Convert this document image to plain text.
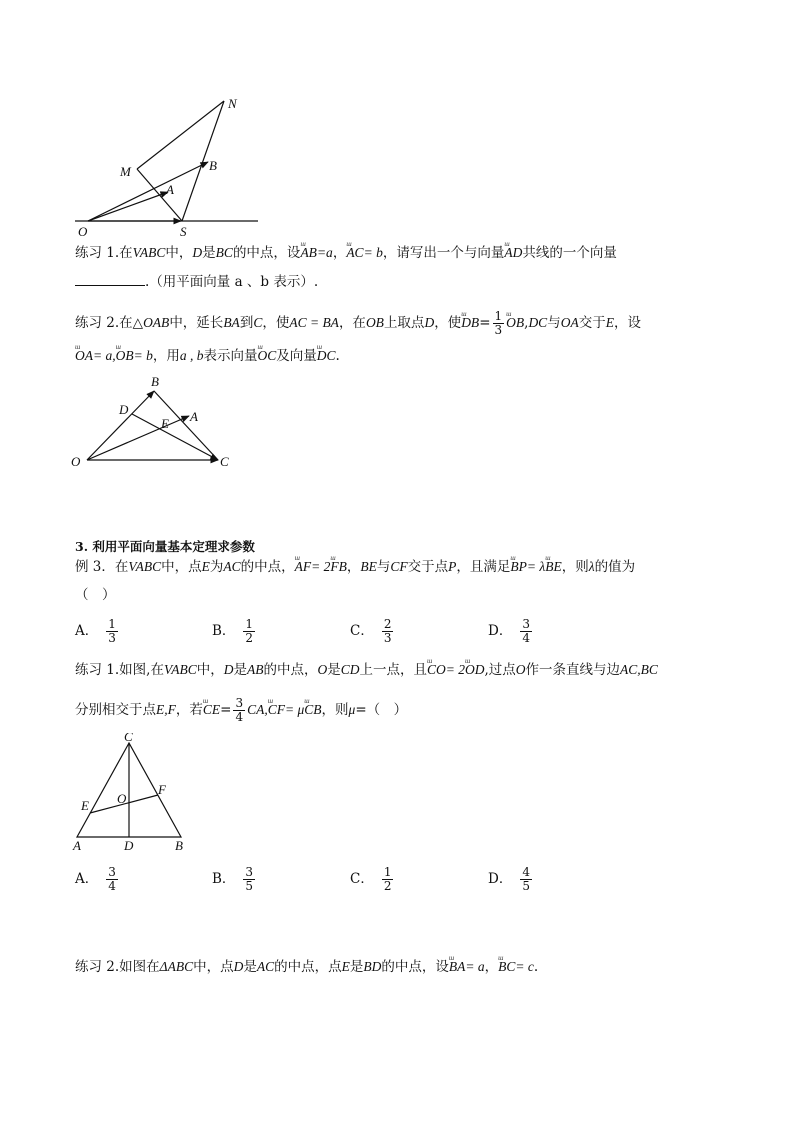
N
M	B
A
O	S
练习 1.在VABC中，D是BC的中点，设ш AB=a，ш AC= b，请写出一个与向量ш AD共线的一个向量
.（用平面向量 a 、b 表示）.
练习 2.在△OAB中，延长BA到C，使AC = BA，在OB上取点D，使ш $DB= \frac{1}{3}$
ш OB,DC与OA交于E，设
ш OA= a,ш OB= b，用a , b表示向量ш OC及向量ш DC.
B
D	A
E
O	C
3. 利用平面向量基本定理求参数
例 3．在VABC中，点E为AC的中点，ш AF= 2ш FB，BE与CF交于点P，且满足ш BP= λш BE，则λ的值为
（　）
A． $\frac{1}{3}$	B． $\frac{1}{2}$	C． $\frac{2}{3}$	D． $\frac{3}{4}$
练习 1.如图,在VABC中，D是AB的中点，O是CD上一点，且ш CO= 2ш OD,过点O作一条直线与边AC,BC
分别相交于点E,F，若ш $CE= \frac{3}{4} CA,ш$ CF= μш CB，则μ=（　）
C
E O
F
A	D	B
A． $\frac{3}{4}$	B． $\frac{3}{5}$	C． $\frac{1}{2}$	D． $\frac{4}{5}$
练习 2.如图在ΔABC中，点D是AC的中点，点E是BD的中点，设ш BA= a，ш BC= c.
